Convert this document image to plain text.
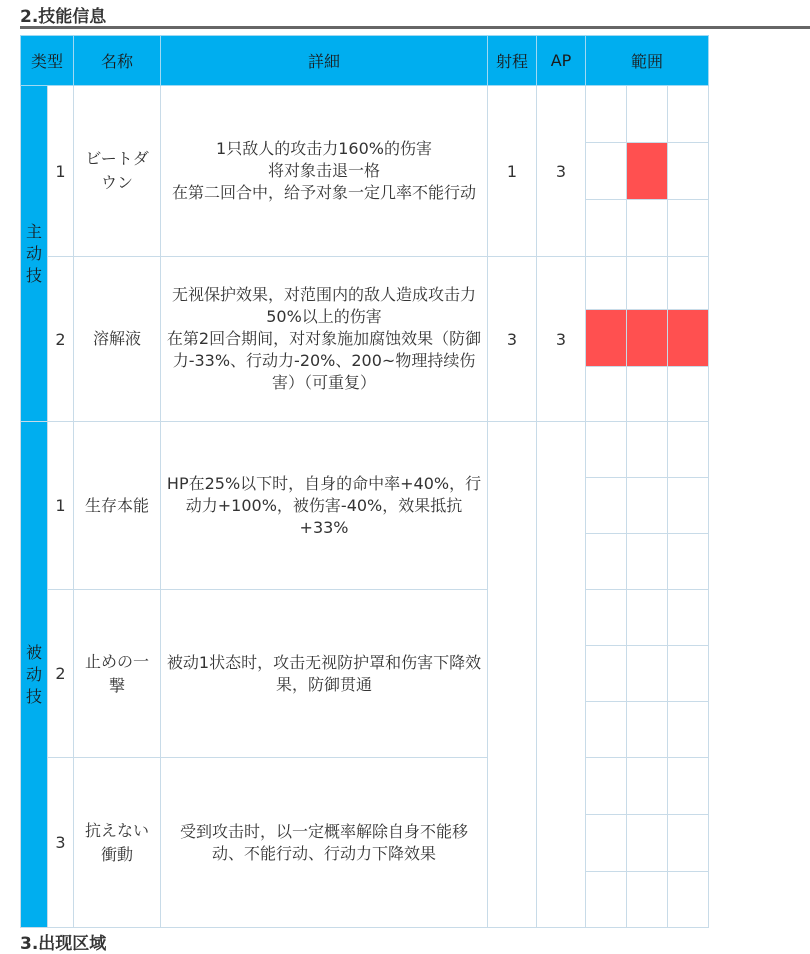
2.技能信息
类型		名称	詳細	射程	AP	範囲		

主
动
技	1	ビートダウン	1只敌人的攻击力160%的伤害
将对象击退一格
在第二回合中，给予对象一定几率不能行动	1	3			

	2	溶解液	无视保护效果，对范围内的敌人造成攻击力50%以上的伤害
在第2回合期间，对对象施加腐蚀效果（防御力-33%、行动力-20%、200~物理持续伤害）（可重复）	3	3			

被
动
技	1	生存本能	HP在25%以下时，自身的命中率+40%，行动力+100%，被伤害-40%，效果抵抗+33%					

	2	止めの一撃	被动1状态时，攻击无视防护罩和伤害下降效果，防御贯通					

	3	抗えない衝動	受到攻击时，以一定概率解除自身不能移动、不能行动、行动力下降效果					

3.出现区域
